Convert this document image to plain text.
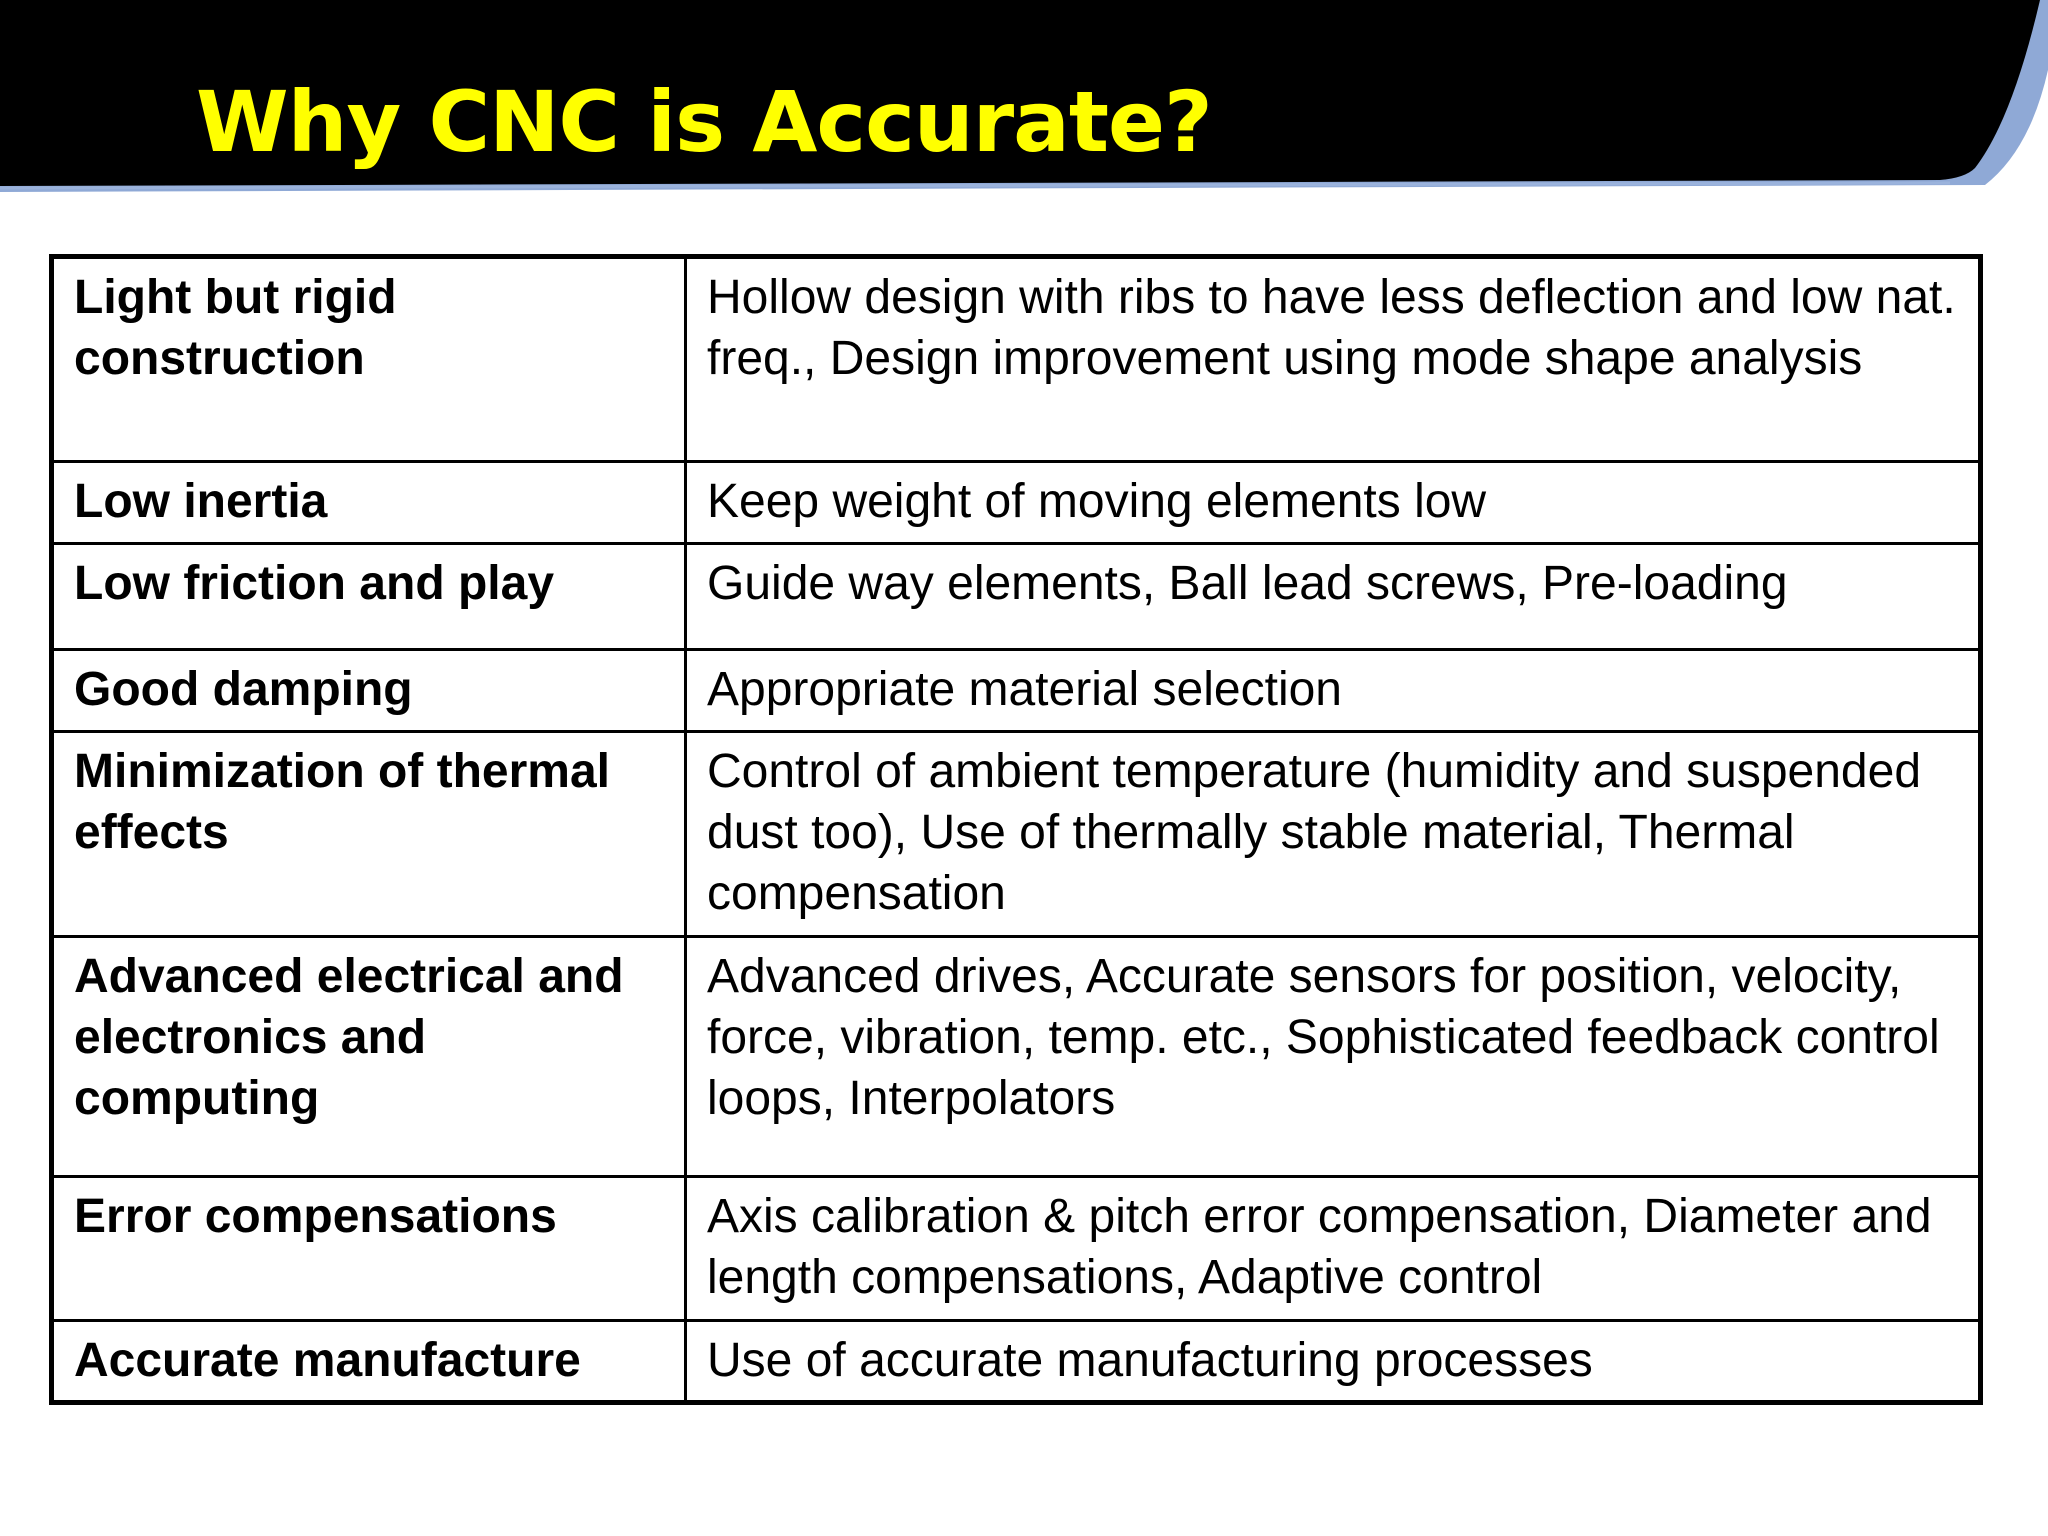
Why CNC is Accurate?
Light but rigid construction	Hollow design with ribs to have less deflection and low nat. freq., Design improvement using mode shape analysis
Low inertia	Keep weight of moving elements low
Low friction and play	Guide way elements, Ball lead screws, Pre-loading
Good damping	Appropriate material selection
Minimization of thermal effects	Control of ambient temperature (humidity and suspended dust too), Use of thermally stable material, Thermal compensation
Advanced electrical and electronics and computing	Advanced drives, Accurate sensors for position, velocity, force, vibration, temp. etc., Sophisticated feedback control loops, Interpolators
Error compensations	Axis calibration & pitch error compensation, Diameter and length compensations, Adaptive control
Accurate manufacture	Use of accurate manufacturing processes
